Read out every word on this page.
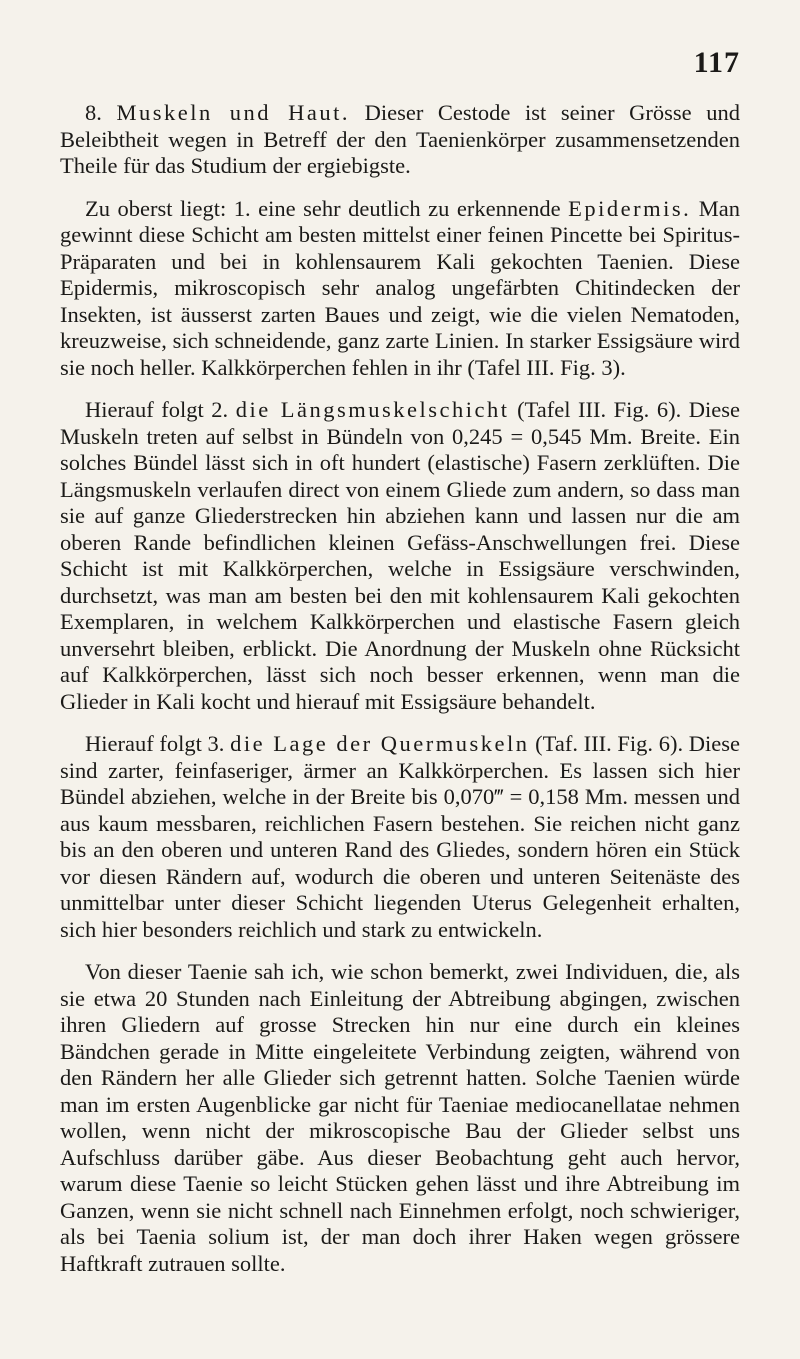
117

8. Muskeln und Haut. Dieser Cestode ist seiner Grösse und Beleibtheit wegen in Betreff der den Taenienkörper zusammensetzenden Theile für das Studium der ergiebigste.

Zu oberst liegt: 1. eine sehr deutlich zu erkennende Epidermis. Man gewinnt diese Schicht am besten mittelst einer feinen Pincette bei Spiritus-Präparaten und bei in kohlensaurem Kali gekochten Taenien. Diese Epidermis, mikroscopisch sehr analog ungefärbten Chitindecken der Insekten, ist äusserst zarten Baues und zeigt, wie die vielen Nematoden, kreuzweise, sich schneidende, ganz zarte Linien. In starker Essigsäure wird sie noch heller. Kalkkörperchen fehlen in ihr (Tafel III. Fig. 3).

Hierauf folgt 2. die Längsmuskelschicht (Tafel III. Fig. 6). Diese Muskeln treten auf selbst in Bündeln von 0,245 = 0,545 Mm. Breite. Ein solches Bündel lässt sich in oft hundert (elastische) Fasern zerklüften. Die Längsmuskeln verlaufen direct von einem Gliede zum andern, so dass man sie auf ganze Gliederstrecken hin abziehen kann und lassen nur die am oberen Rande befindlichen kleinen Gefäss-Anschwellungen frei. Diese Schicht ist mit Kalkkörperchen, welche in Essigsäure verschwinden, durchsetzt, was man am besten bei den mit kohlensaurem Kali gekochten Exemplaren, in welchem Kalkkörperchen und elastische Fasern gleich unversehrt bleiben, erblickt. Die Anordnung der Muskeln ohne Rücksicht auf Kalkkörperchen, lässt sich noch besser erkennen, wenn man die Glieder in Kali kocht und hierauf mit Essigsäure behandelt.

Hierauf folgt 3. die Lage der Quermuskeln (Taf. III. Fig. 6). Diese sind zarter, feinfaseriger, ärmer an Kalkkörperchen. Es lassen sich hier Bündel abziehen, welche in der Breite bis 0,070‴ = 0,158 Mm. messen und aus kaum messbaren, reichlichen Fasern bestehen. Sie reichen nicht ganz bis an den oberen und unteren Rand des Gliedes, sondern hören ein Stück vor diesen Rändern auf, wodurch die oberen und unteren Seitenäste des unmittelbar unter dieser Schicht liegenden Uterus Gelegenheit erhalten, sich hier besonders reichlich und stark zu entwickeln.

Von dieser Taenie sah ich, wie schon bemerkt, zwei Individuen, die, als sie etwa 20 Stunden nach Einleitung der Abtreibung abgingen, zwischen ihren Gliedern auf grosse Strecken hin nur eine durch ein kleines Bändchen gerade in Mitte eingeleitete Verbindung zeigten, während von den Rändern her alle Glieder sich getrennt hatten. Solche Taenien würde man im ersten Augenblicke gar nicht für Taeniae mediocanellatae nehmen wollen, wenn nicht der mikroscopische Bau der Glieder selbst uns Aufschluss darüber gäbe. Aus dieser Beobachtung geht auch hervor, warum diese Taenie so leicht Stücken gehen lässt und ihre Abtreibung im Ganzen, wenn sie nicht schnell nach Einnehmen erfolgt, noch schwieriger, als bei Taenia solium ist, der man doch ihrer Haken wegen grössere Haftkraft zutrauen sollte.
